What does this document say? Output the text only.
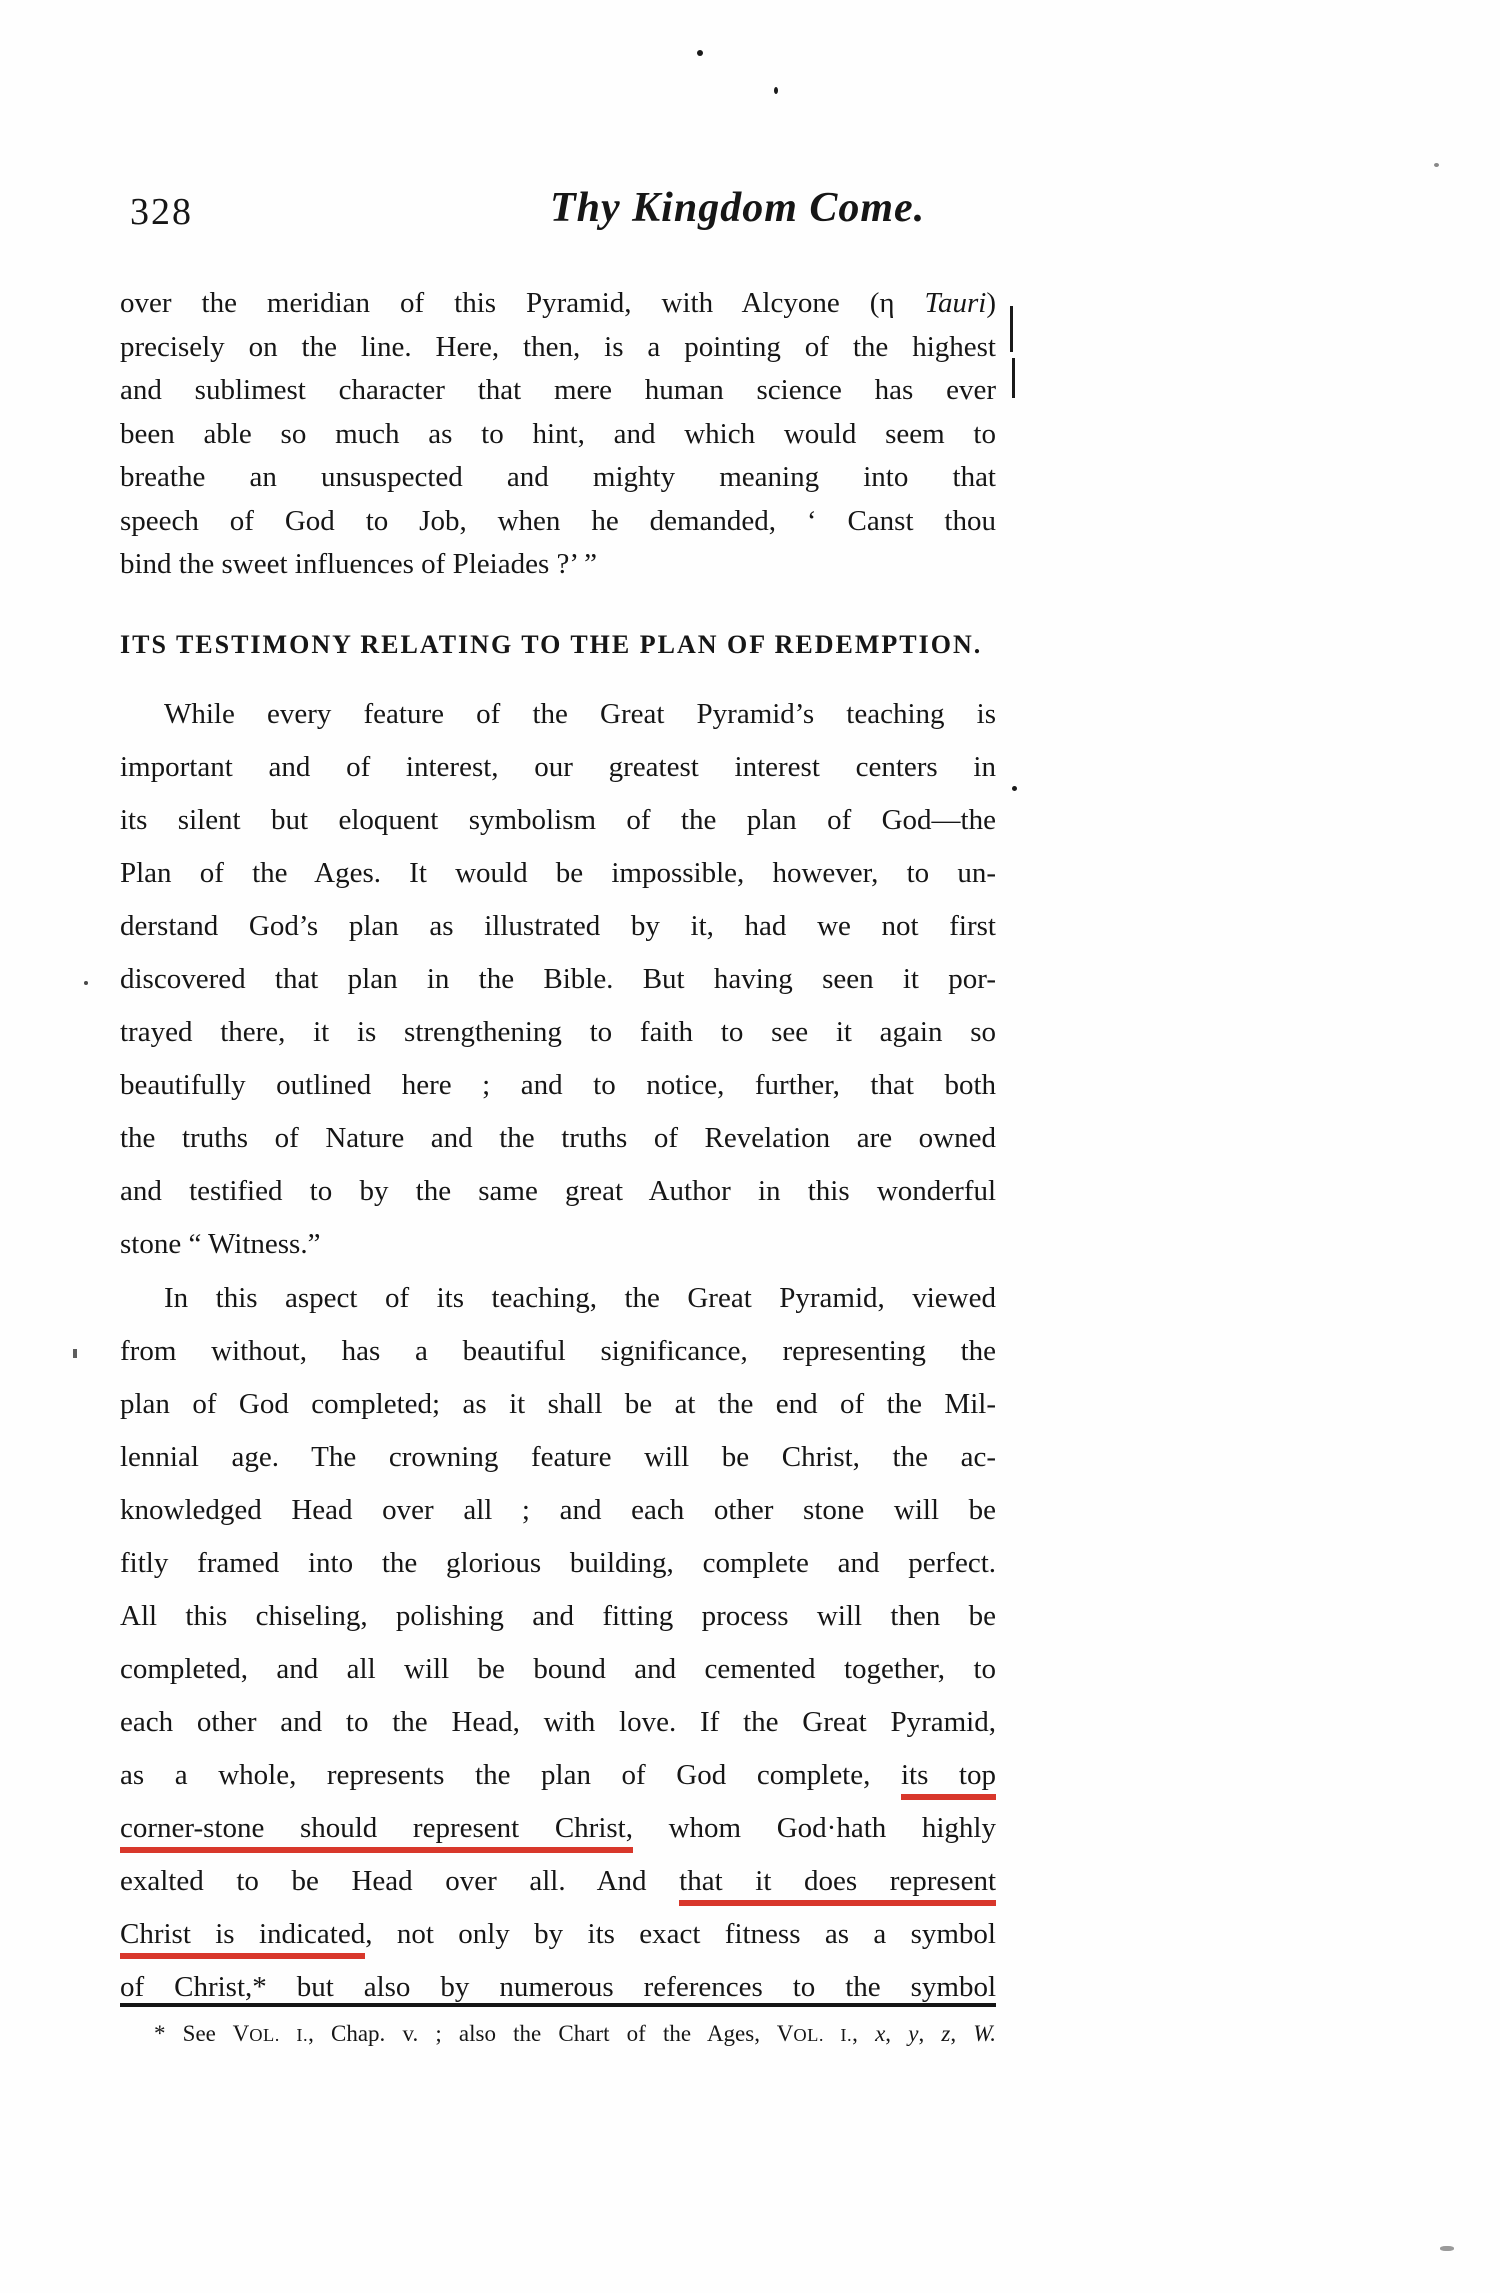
328	Thy Kingdom Come.
over the meridian of this Pyramid, with Alcyone (η Tauri)
precisely on the line. Here, then, is a pointing of the highest
and sublimest character that mere human science has ever
been able so much as to hint, and which would seem to
breathe an unsuspected and mighty meaning into that
speech of God to Job, when he demanded, ‘ Canst thou
bind the sweet influences of Pleiades ?’ ”
ITS TESTIMONY RELATING TO THE PLAN OF REDEMPTION.
While every feature of the Great Pyramid’s teaching is
important and of interest, our greatest interest centers in
its silent but eloquent symbolism of the plan of God—the
Plan of the Ages. It would be impossible, however, to un-
derstand God’s plan as illustrated by it, had we not first
discovered that plan in the Bible. But having seen it por-
trayed there, it is strengthening to faith to see it again so
beautifully outlined here ; and to notice, further, that both
the truths of Nature and the truths of Revelation are owned
and testified to by the same great Author in this wonderful
stone “ Witness.”
In this aspect of its teaching, the Great Pyramid, viewed
from without, has a beautiful significance, representing the
plan of God completed; as it shall be at the end of the Mil-
lennial age. The crowning feature will be Christ, the ac-
knowledged Head over all ; and each other stone will be
fitly framed into the glorious building, complete and perfect.
All this chiseling, polishing and fitting process will then be
completed, and all will be bound and cemented together, to
each other and to the Head, with love. If the Great Pyramid,
as a whole, represents the plan of God complete, its top
corner-stone should represent Christ, whom God·hath highly
exalted to be Head over all. And that it does represent
Christ is indicated, not only by its exact fitness as a symbol
of Christ,* but also by numerous references to the symbol
* See VOL. I., Chap. v. ; also the Chart of the Ages, VOL. I., x, y, z, W.
